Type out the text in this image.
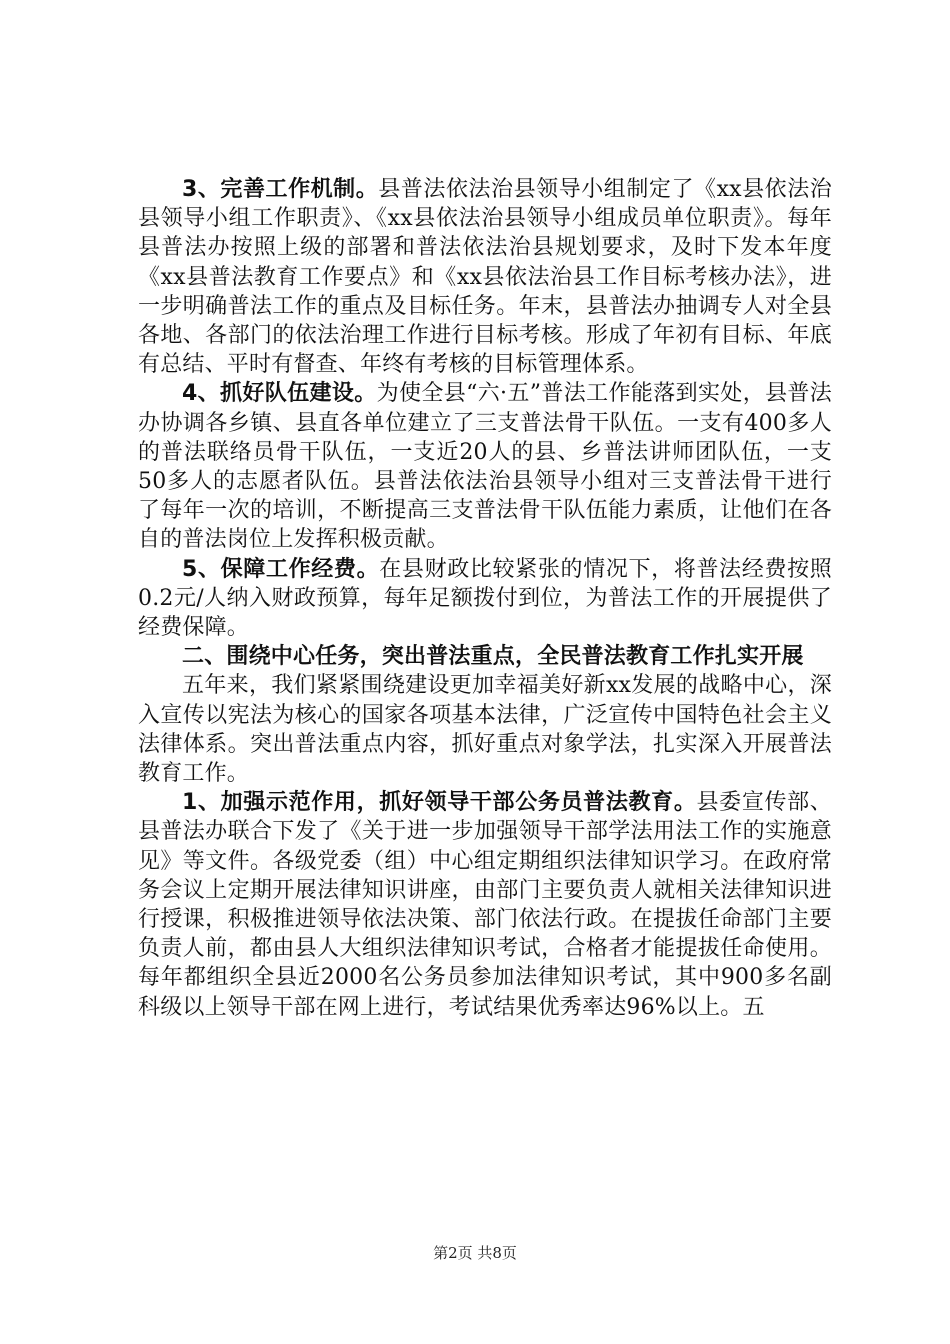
3、完善工作机制。县普法依法治县领导小组制定了《xx县依法治县领导小组工作职责》、《xx县依法治县领导小组成员单位职责》。每年县普法办按照上级的部署和普法依法治县规划要求，及时下发本年度《xx县普法教育工作要点》和《xx县依法治县工作目标考核办法》，进一步明确普法工作的重点及目标任务。年末，县普法办抽调专人对全县各地、各部门的依法治理工作进行目标考核。形成了年初有目标、年底有总结、平时有督查、年终有考核的目标管理体系。

4、抓好队伍建设。为使全县“六·五”普法工作能落到实处，县普法办协调各乡镇、县直各单位建立了三支普法骨干队伍。一支有400多人的普法联络员骨干队伍，一支近20人的县、乡普法讲师团队伍，一支50多人的志愿者队伍。县普法依法治县领导小组对三支普法骨干进行了每年一次的培训，不断提高三支普法骨干队伍能力素质，让他们在各自的普法岗位上发挥积极贡献。

5、保障工作经费。在县财政比较紧张的情况下，将普法经费按照0.2元/人纳入财政预算，每年足额拨付到位，为普法工作的开展提供了经费保障。

二、围绕中心任务，突出普法重点，全民普法教育工作扎实开展

五年来，我们紧紧围绕建设更加幸福美好新xx发展的战略中心，深入宣传以宪法为核心的国家各项基本法律，广泛宣传中国特色社会主义法律体系。突出普法重点内容，抓好重点对象学法，扎实深入开展普法教育工作。

1、加强示范作用，抓好领导干部公务员普法教育。县委宣传部、县普法办联合下发了《关于进一步加强领导干部学法用法工作的实施意见》等文件。各级党委（组）中心组定期组织法律知识学习。在政府常务会议上定期开展法律知识讲座，由部门主要负责人就相关法律知识进行授课，积极推进领导依法决策、部门依法行政。在提拔任命部门主要负责人前，都由县人大组织法律知识考试，合格者才能提拔任命使用。每年都组织全县近2000名公务员参加法律知识考试，其中900多名副科级以上领导干部在网上进行，考试结果优秀率达96%以上。五

第2页 共8页
